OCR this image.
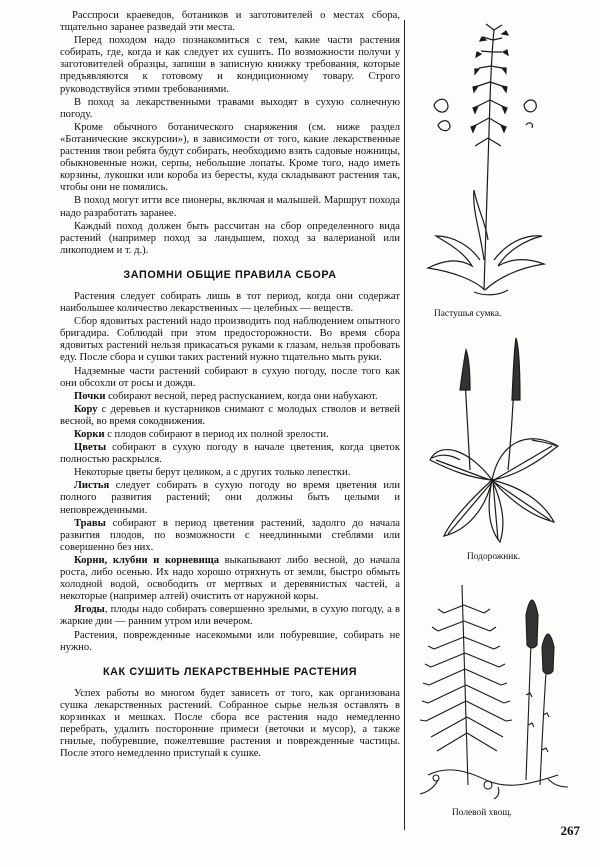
Расспроси краеведов, ботаников и заготовителей о местах сбора, тщательно заранее разведай эти места.

Перед походом надо познакомиться с тем, какие части растения собирать, где, когда и как следует их сушить. По возможности получи у заготовителей образцы, запиши в записную книжку требования, которые предъявляются к готовому и кондиционному товару. Строго руководствуйся этими требованиями.

В поход за лекарственными травами выходят в сухую солнечную погоду.

Кроме обычного ботанического снаряжения (см. ниже раздел «Ботанические экскурсии»), в зависимости от того, какие лекарственные растения твои ребята будут собирать, необходимо взять садовые ножницы, обыкновенные ножи, серпы, небольшие лопаты. Кроме того, надо иметь корзины, лукошки или короба из бересты, куда складывают растения так, чтобы они не помялись.

В поход могут итти все пионеры, включая и малышей. Маршрут похода надо разработать заранее.

Каждый поход должен быть рассчитан на сбор определенного вида растений (например поход за ландышем, поход за валерианой или ликоподием и т. д.).

ЗАПОМНИ ОБЩИЕ ПРАВИЛА СБОРА

Растения следует собирать лишь в тот период, когда они содержат наибольшее количество лекарственных — целебных — веществ.

Сбор ядовитых растений надо производить под наблюдением опытного бригадира. Соблюдай при этом предосторожности. Во время сбора ядовитых растений нельзя прикасаться руками к глазам, нельзя пробовать еду. После сбора и сушки таких растений нужно тщательно мыть руки.

Надземные части растений собирают в сухую погоду, после того как они обсохли от росы и дождя.

Почки собирают весной, перед распусканием, когда они набухают.

Кору с деревьев и кустарников снимают с молодых стволов и ветвей весной, во время сокодвижения.

Корки с плодов собирают в период их полной зрелости.

Цветы собирают в сухую погоду в начале цветения, когда цветок полностью раскрылся.

Некоторые цветы берут целиком, а с других только лепестки.

Листья следует собирать в сухую погоду во время цветения или полного развития растений; они должны быть целыми и неповрежденными.

Травы собирают в период цветения растений, задолго до начала развития плодов, по возможности с неедлинными стеблями или совершенно без них.

Корни, клубни и корневища выкапывают либо весной, до начала роста, либо осенью. Их надо хорошо отряхнуть от земли, быстро обмыть холодной водой, освободить от мертвых и деревянистых частей, а некоторые (например алтей) очистить от наружной коры.

Ягоды, плоды надо собирать совершенно зрелыми, в сухую погоду, а в жаркие дни — ранним утром или вечером.

Растения, поврежденные насекомыми или побуревшие, собирать не нужно.

КАК СУШИТЬ ЛЕКАРСТВЕННЫЕ РАСТЕНИЯ

Успех работы во многом будет зависеть от того, как организована сушка лекарственных растений. Собранное сырье нельзя оставлять в корзинках и мешках. После сбора все растения надо немедленно перебрать, удалить посторонние примеси (веточки и мусор), а также гнилые, побуревшие, пожелтевшие растения и поврежденные частицы. После этого немедленно приступай к сушке.

Пастушья сумка.
Подорожник.
Полевой хвощ.
267
